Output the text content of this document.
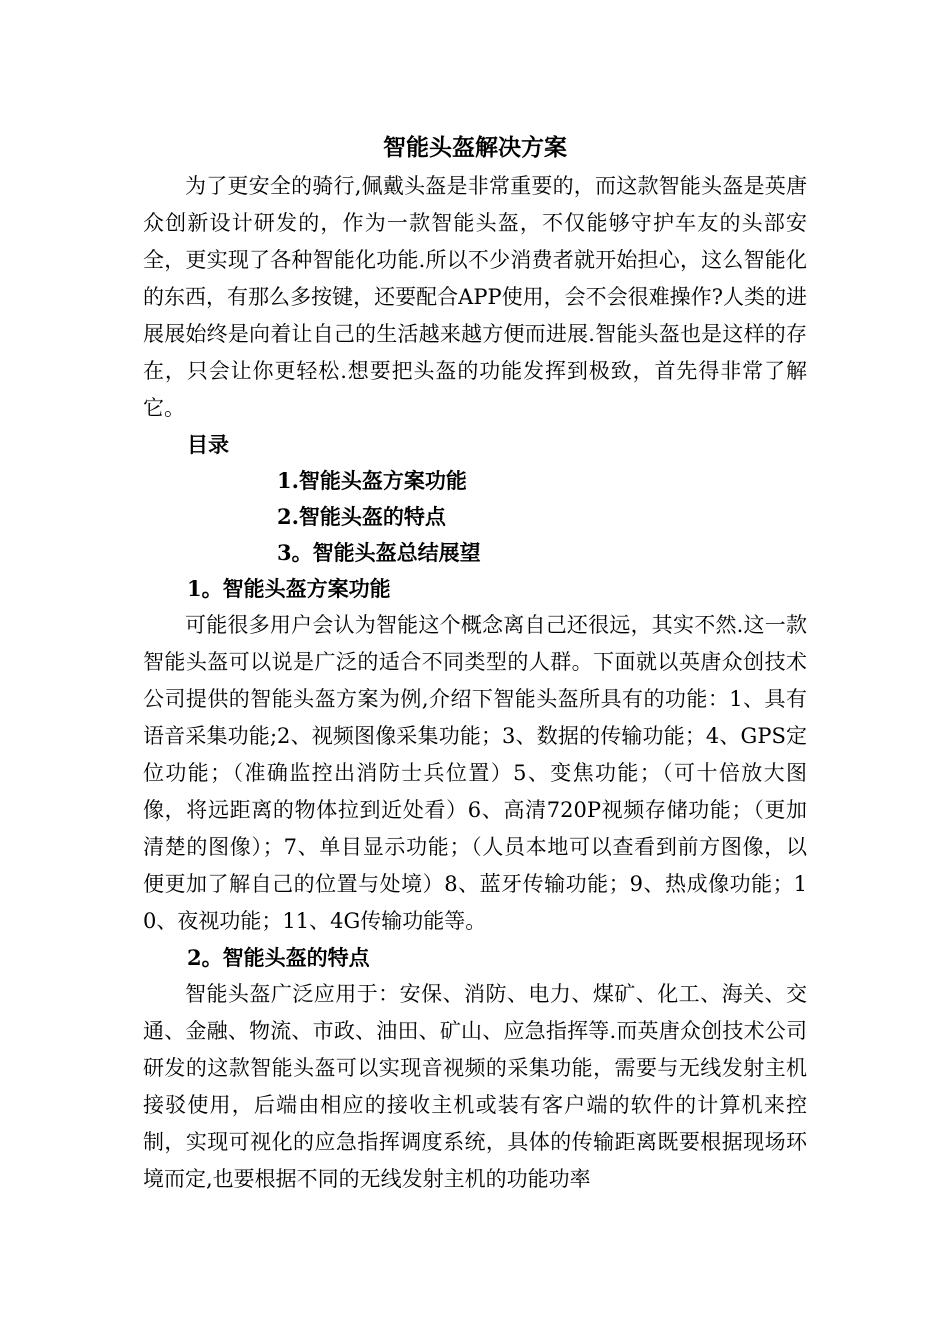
智能头盔解决方案

为了更安全的骑行,佩戴头盔是非常重要的，而这款智能头盔是英唐众创新设计研发的，作为一款智能头盔，不仅能够守护车友的头部安全，更实现了各种智能化功能.所以不少消费者就开始担心，这么智能化的东西，有那么多按键，还要配合APP使用，会不会很难操作?人类的进展展始终是向着让自己的生活越来越方便而进展.智能头盔也是这样的存在，只会让你更轻松.想要把头盔的功能发挥到极致，首先得非常了解它。

目录

1.智能头盔方案功能

2.智能头盔的特点

3。智能头盔总结展望

1。智能头盔方案功能

可能很多用户会认为智能这个概念离自己还很远，其实不然.这一款智能头盔可以说是广泛的适合不同类型的人群。下面就以英唐众创技术公司提供的智能头盔方案为例,介绍下智能头盔所具有的功能：1、具有语音采集功能;2、视频图像采集功能；3、数据的传输功能；4、GPS定位功能；（准确监控出消防士兵位置）5、变焦功能；（可十倍放大图像，将远距离的物体拉到近处看）6、高清720P视频存储功能；（更加清楚的图像）；7、单目显示功能；（人员本地可以查看到前方图像，以便更加了解自己的位置与处境）8、蓝牙传输功能；9、热成像功能；10、夜视功能；11、4G传输功能等。

2。智能头盔的特点

智能头盔广泛应用于：安保、消防、电力、煤矿、化工、海关、交通、金融、物流、市政、油田、矿山、应急指挥等.而英唐众创技术公司研发的这款智能头盔可以实现音视频的采集功能，需要与无线发射主机接驳使用，后端由相应的接收主机或装有客户端的软件的计算机来控制，实现可视化的应急指挥调度系统，具体的传输距离既要根据现场环境而定,也要根据不同的无线发射主机的功能功率
